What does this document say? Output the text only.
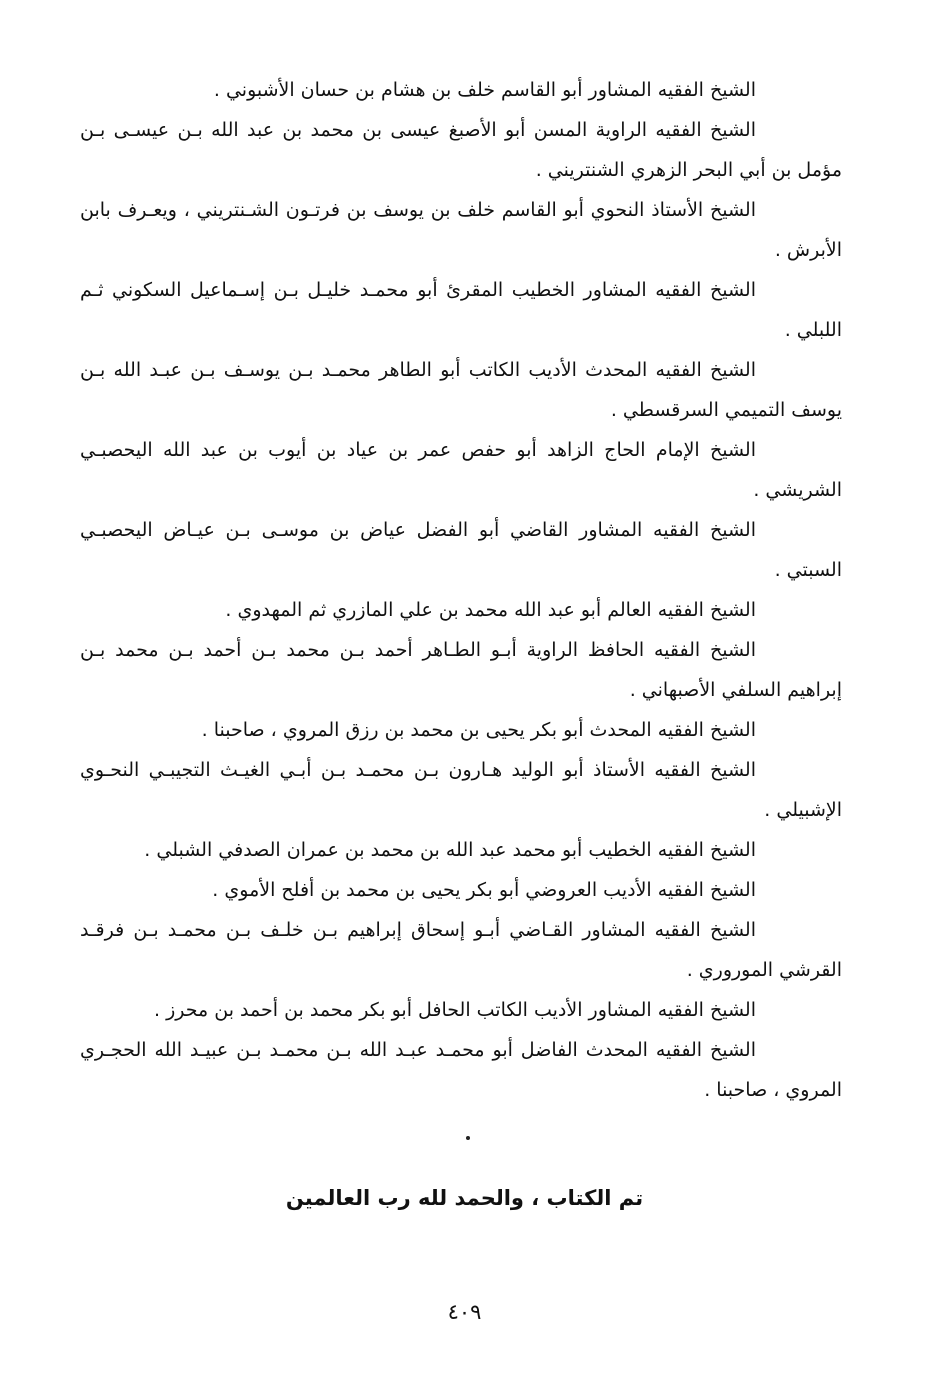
الشيخ الفقيه المشاور أبو القاسم خلف بن هشام بن حسان الأشبوني .

الشيخ الفقيه الراوية المسن أبو الأصبغ عيسى بن محمد بن عبد الله بـن عيسـى بـن مؤمل بن أبي البحر الزهري الشنتريني .

الشيخ الأستاذ النحوي أبو القاسم خلف بن يوسف بن فرتـون الشـنتريني ، ويعـرف بابن الأبرش .

الشيخ الفقيه المشاور الخطيب المقرئ أبو محمـد خليـل بـن إسـماعيل السكوني ثـم اللبلي .

الشيخ الفقيه المحدث الأديب الكاتب أبو الطاهر محمـد بـن يوسـف بـن عبـد الله بـن يوسف التميمي السرقسطي .

الشيخ الإمام الحاج الزاهد أبو حفص عمر بن عياد بن أيوب بن عبد الله اليحصبـي الشريشي .

الشيخ الفقيه المشاور القاضي أبو الفضل عياض بن موسـى بـن عيـاض اليحصبـي السبتي .

الشيخ الفقيه العالم أبو عبد الله محمد بن علي المازري ثم المهدوي .

الشيخ الفقيه الحافظ الراوية أبـو الطـاهر أحمد بـن محمد بـن أحمد بـن محمد بـن إبراهيم السلفي الأصبهاني .

الشيخ الفقيه المحدث أبو بكر يحيى بن محمد بن رزق المروي ، صاحبنا .

الشيخ الفقيه الأستاذ أبو الوليد هـارون بـن محمـد بـن أبـي الغيـث التجيبـي النحـوي الإشبيلي .

الشيخ الفقيه الخطيب أبو محمد عبد الله بن محمد بن عمران الصدفي الشبلي .

الشيخ الفقيه الأديب العروضي أبو بكر يحيى بن محمد بن أفلح الأموي .

الشيخ الفقيه المشاور القـاضي أبـو إسحاق إبراهيم بـن خلـف بـن محمـد بـن فرقـد القرشي الموروري .

الشيخ الفقيه المشاور الأديب الكاتب الحافل أبو بكر محمد بن أحمد بن محرز .

الشيخ الفقيه المحدث الفاضل أبو محمـد عبـد الله بـن محمـد بـن عبيـد الله الحجـري المروي ، صاحبنا .

تم الكتاب ، والحمد لله رب العالمين
٤٠٩
